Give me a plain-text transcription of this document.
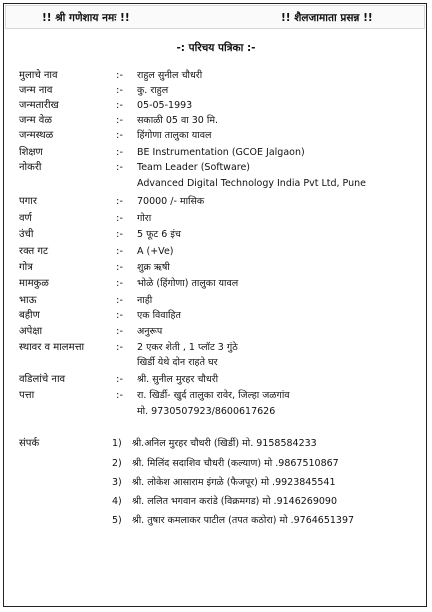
!! श्री गणेशाय नमः !!	!! शैलजामाता प्रसन्न !!
-: परिचय पत्रिका :-
मुलाचे नाव	:- राहुल सुनील चौधरी
जन्म नाव	:- कु. राहुल
जन्मतारीख	:- 05-05-1993
जन्म वेळ	:- सकाळी 05 वा 30 मि.
जन्मस्थळ	:- हिंगोणा तालुका यावल
शिक्षण	:- BE Instrumentation (GCOE Jalgaon)
नोकरी	:- Team Leader (Software)
Advanced Digital Technology India Pvt Ltd, Pune
पगार	:- 70000 /- मासिक
वर्ण	:- गोरा
उंची	:- 5 फूट 6 इंच
रक्त गट	:- A (+Ve)
गोत्र	:- शुक्र ऋषी
मामकुळ	:- भोळे (हिंगोणा) तालुका यावल
भाऊ	:- नाही
बहीण	:- एक विवाहित
अपेक्षा	:- अनुरूप
स्थावर व मालमत्ता	:- 2 एकर शेती , 1 प्लॉट 3 गुंठे
खिर्डी येथे दोन राहते घर
वडिलांचे नाव	:- श्री. सुनील मुरहर चौधरी
पत्ता	:- रा. खिर्डी- खुर्द तालुका रावेर, जिल्हा जळगांव
मो. 9730507923/8600617626
संपर्क	1) श्री.अनिल मुरहर चौधरी (खिर्डी) मो. 9158584233
2) श्री. मिलिंद सदाशिव चौधरी (कल्याण) मो .9867510867
3) श्री. लोकेश आसाराम इंगळे (फैजपूर) मो .9923845541
4) श्री. ललित भगवान करांडे (विक्रमगड) मो .9146269090
5) श्री. तुषार कमलाकर पाटील (तपत कठोरा) मो .9764651397
